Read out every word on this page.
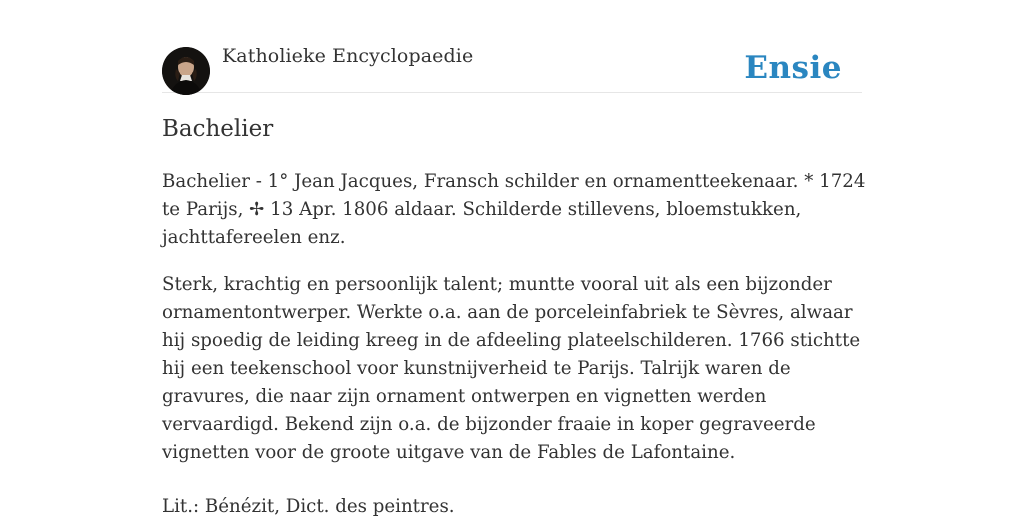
Katholieke Encyclopaedie	Ensie
Bachelier

Bachelier - 1° Jean Jacques, Fransch schilder en ornamentteekenaar. * 1724 te Parijs, ✢ 13 Apr. 1806 aldaar. Schilderde stillevens, bloemstukken, jachttafereelen enz.

Sterk, krachtig en persoonlijk talent; muntte vooral uit als een bijzonder ornamentontwerper. Werkte o.a. aan de porceleinfabriek te Sèvres, alwaar hij spoedig de leiding kreeg in de afdeeling plateelschilderen. 1766 stichtte hij een teekenschool voor kunstnijverheid te Parijs. Talrijk waren de gravures, die naar zijn ornament ontwerpen en vignetten werden vervaardigd. Bekend zijn o.a. de bijzonder fraaie in koper gegraveerde vignetten voor de groote uitgave van de Fables de Lafontaine.

Lit.: Bénézit, Dict. des peintres.
